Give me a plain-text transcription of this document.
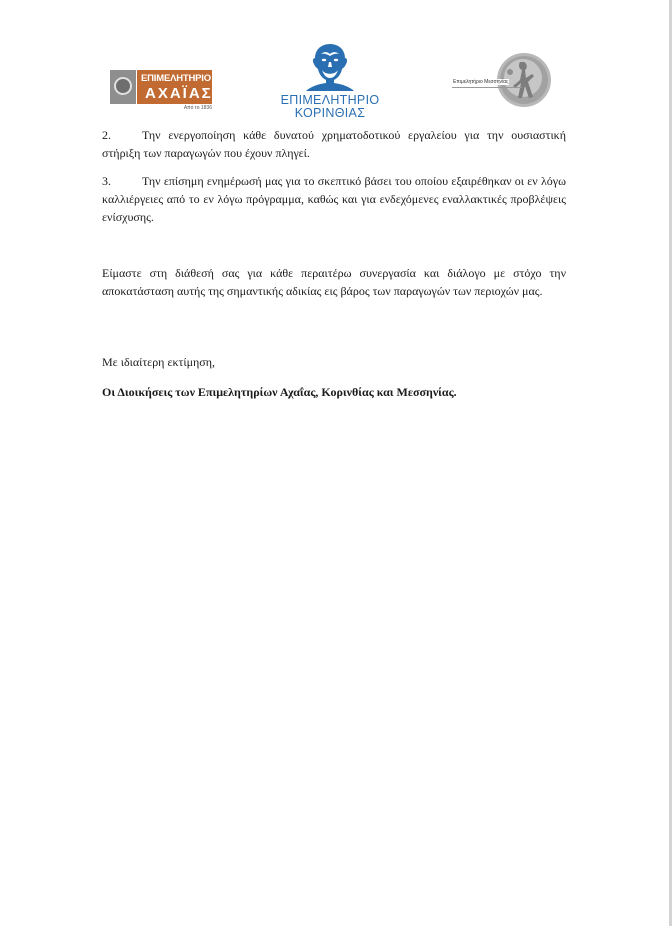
ΕΠΙΜΕΛΗΤΗΡΙΟ
ΑΧΑΪΑΣ
Από το 1836
ΕΠΙΜΕΛΗΤΗΡΙΟ
ΚΟΡΙΝΘΙΑΣ
Επιμελητήριο Μεσσηνίας

2.	Την ενεργοποίηση κάθε δυνατού χρηματοδοτικού εργαλείου για την ουσιαστική στήριξη των παραγωγών που έχουν πληγεί.

3.	Την επίσημη ενημέρωσή μας για το σκεπτικό βάσει του οποίου εξαιρέθηκαν οι εν λόγω καλλιέργειες από το εν λόγω πρόγραμμα, καθώς και για ενδεχόμενες εναλλακτικές προβλέψεις ενίσχυσης.

Είμαστε στη διάθεσή σας για κάθε περαιτέρω συνεργασία και διάλογο με στόχο την αποκατάσταση αυτής της σημαντικής αδικίας εις βάρος των παραγωγών των περιοχών μας.

Με ιδιαίτερη εκτίμηση,

Οι Διοικήσεις των Επιμελητηρίων Αχαΐας, Κορινθίας και Μεσσηνίας.
